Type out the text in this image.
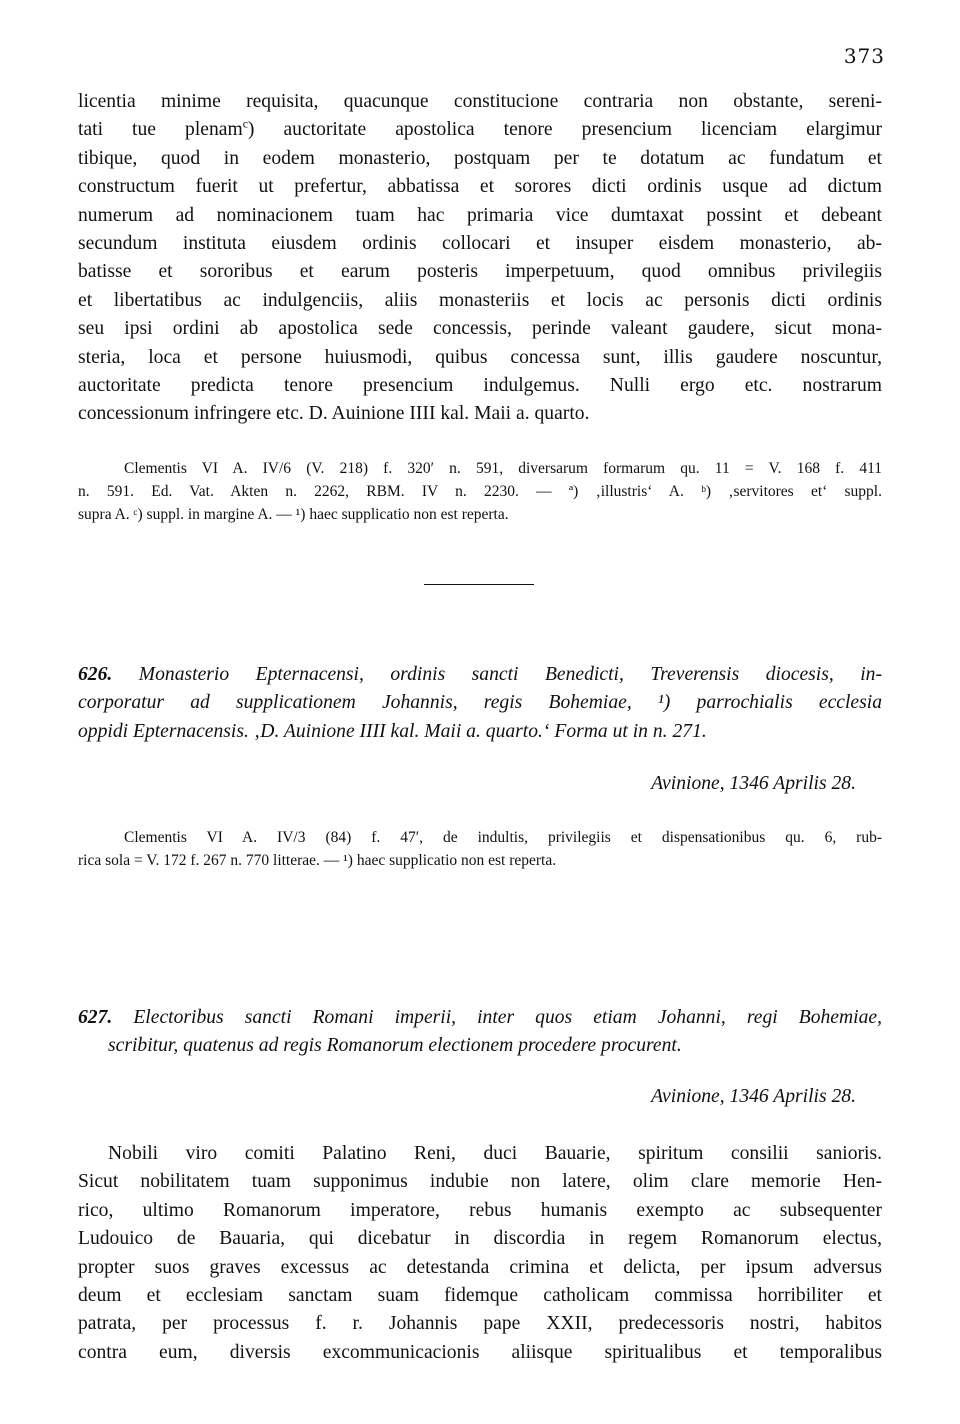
373
licentia minime requisita, quacunque constitucione contraria non obstante, sereni-
tati tue plenam$^c$) auctoritate apostolica tenore presencium licenciam elargimur
tibique, quod in eodem monasterio, postquam per te dotatum ac fundatum et
constructum fuerit ut prefertur, abbatissa et sorores dicti ordinis usque ad dictum
numerum ad nominacionem tuam hac primaria vice dumtaxat possint et debeant
secundum instituta eiusdem ordinis collocari et insuper eisdem monasterio, ab-
batisse et sororibus et earum posteris imperpetuum, quod omnibus privilegiis
et libertatibus ac indulgenciis, aliis monasteriis et locis ac personis dicti ordinis
seu ipsi ordini ab apostolica sede concessis, perinde valeant gaudere, sicut mona-
steria, loca et persone huiusmodi, quibus concessa sunt, illis gaudere noscuntur,
auctoritate predicta tenore presencium indulgemus. Nulli ergo etc. nostrarum
concessionum infringere etc. D. Auinione IIII kal. Maii a. quarto.
Clementis VI A. IV/6 (V. 218) f. 320′ n. 591, diversarum formarum qu. 11 = V. 168 f. 411
n. 591. Ed. Vat. Akten n. 2262, RBM. IV n. 2230. — ª) ‚illustris‘ A. ᵇ) ‚servitores et‘ suppl.
supra A. ᶜ) suppl. in margine A. — ¹) haec supplicatio non est reperta.
626. Monasterio Epternacensi, ordinis sancti Benedicti, Treverensis diocesis, in-
corporatur ad supplicationem Johannis, regis Bohemiae, ¹) parrochialis ecclesia
oppidi Epternacensis. ‚D. Auinione IIII kal. Maii a. quarto.‘ Forma ut in n. 271.
Avinione, 1346 Aprilis 28.
Clementis VI A. IV/3 (84) f. 47′, de indultis, privilegiis et dispensationibus qu. 6, rub-
rica sola = V. 172 f. 267 n. 770 litterae. — ¹) haec supplicatio non est reperta.
627. Electoribus sancti Romani imperii, inter quos etiam Johanni, regi Bohemiae,
scribitur, quatenus ad regis Romanorum electionem procedere procurent.
Avinione, 1346 Aprilis 28.
Nobili viro comiti Palatino Reni, duci Bauarie, spiritum consilii sanioris.
Sicut nobilitatem tuam supponimus indubie non latere, olim clare memorie Hen-
rico, ultimo Romanorum imperatore, rebus humanis exempto ac subsequenter
Ludouico de Bauaria, qui dicebatur in discordia in regem Romanorum electus,
propter suos graves excessus ac detestanda crimina et delicta, per ipsum adversus
deum et ecclesiam sanctam suam fidemque catholicam commissa horribiliter et
patrata, per processus f. r. Johannis pape XXII, predecessoris nostri, habitos
contra eum, diversis excommunicacionis aliisque spiritualibus et temporalibus
